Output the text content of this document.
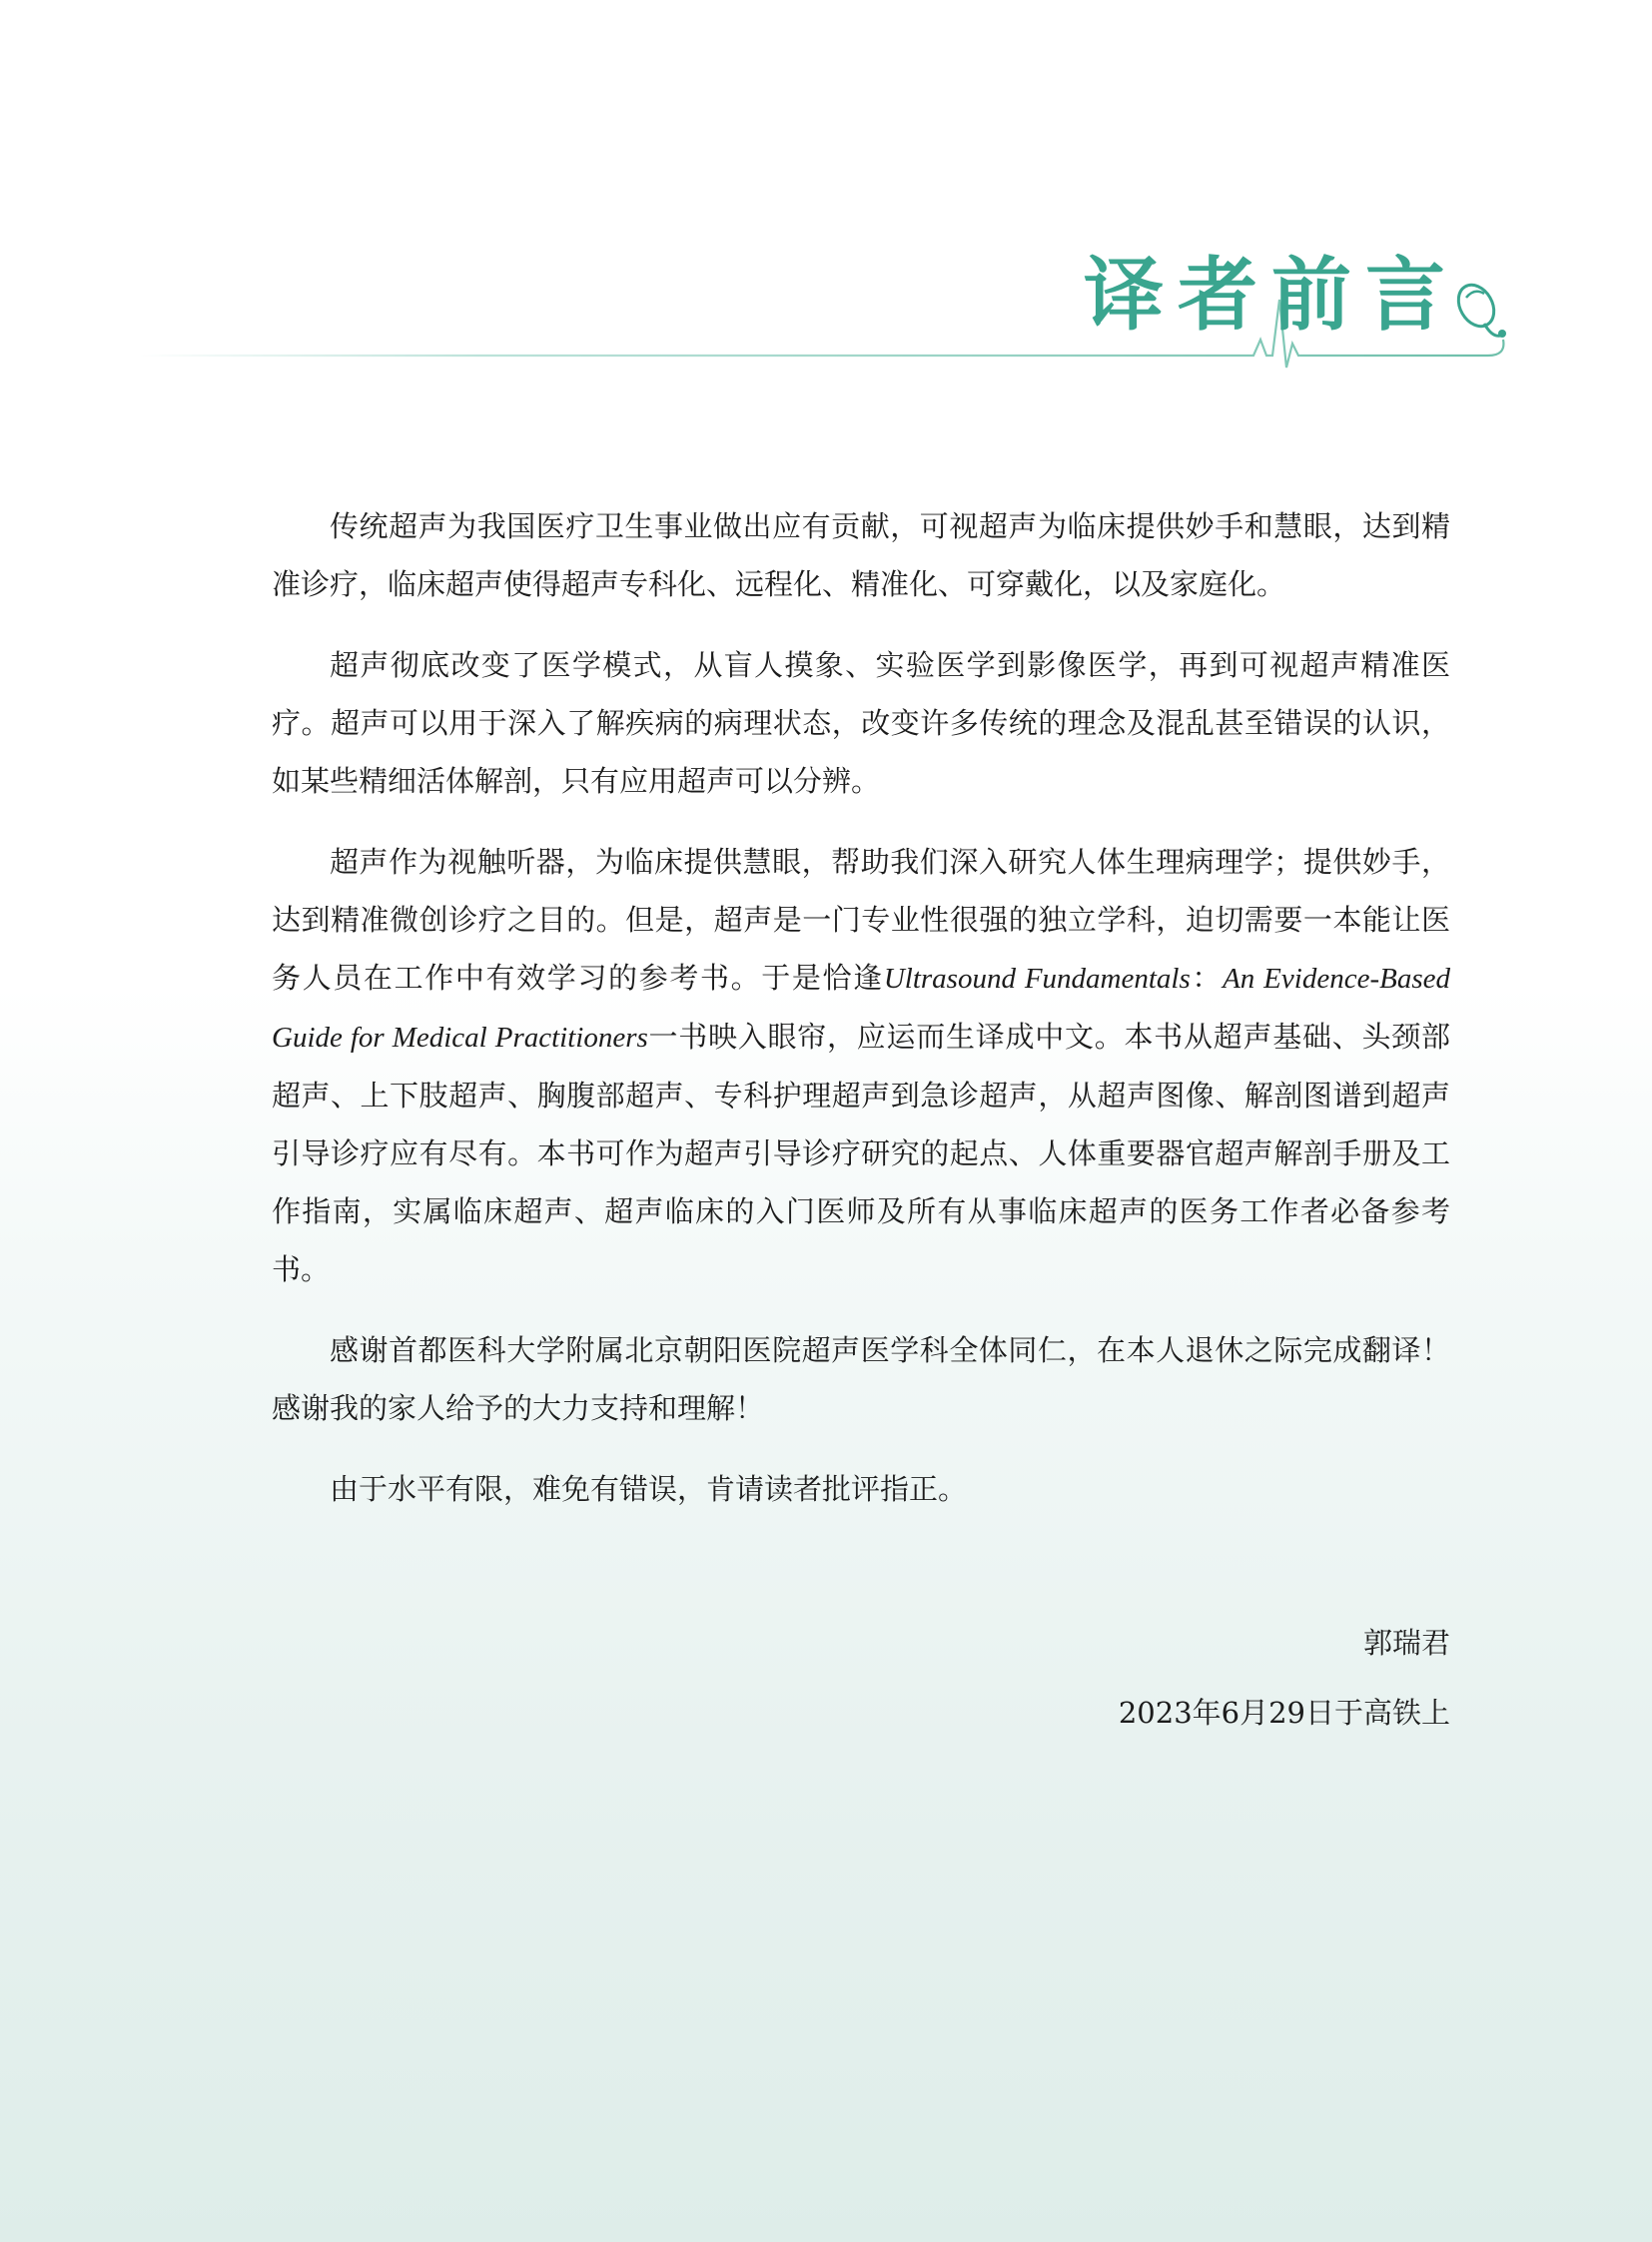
译者前言

传统超声为我国医疗卫生事业做出应有贡献，可视超声为临床提供妙手和慧眼，达到精准诊疗，临床超声使得超声专科化、远程化、精准化、可穿戴化，以及家庭化。

超声彻底改变了医学模式，从盲人摸象、实验医学到影像医学，再到可视超声精准医疗。超声可以用于深入了解疾病的病理状态，改变许多传统的理念及混乱甚至错误的认识，如某些精细活体解剖，只有应用超声可以分辨。

超声作为视触听器，为临床提供慧眼，帮助我们深入研究人体生理病理学；提供妙手，达到精准微创诊疗之目的。但是，超声是一门专业性很强的独立学科，迫切需要一本能让医务人员在工作中有效学习的参考书。于是恰逢Ultrasound Fundamentals：An Evidence-Based Guide for Medical Practitioners一书映入眼帘，应运而生译成中文。本书从超声基础、头颈部超声、上下肢超声、胸腹部超声、专科护理超声到急诊超声，从超声图像、解剖图谱到超声引导诊疗应有尽有。本书可作为超声引导诊疗研究的起点、人体重要器官超声解剖手册及工作指南，实属临床超声、超声临床的入门医师及所有从事临床超声的医务工作者必备参考书。

感谢首都医科大学附属北京朝阳医院超声医学科全体同仁，在本人退休之际完成翻译！感谢我的家人给予的大力支持和理解！

由于水平有限，难免有错误，肯请读者批评指正。

郭瑞君
2023年6月29日于高铁上
